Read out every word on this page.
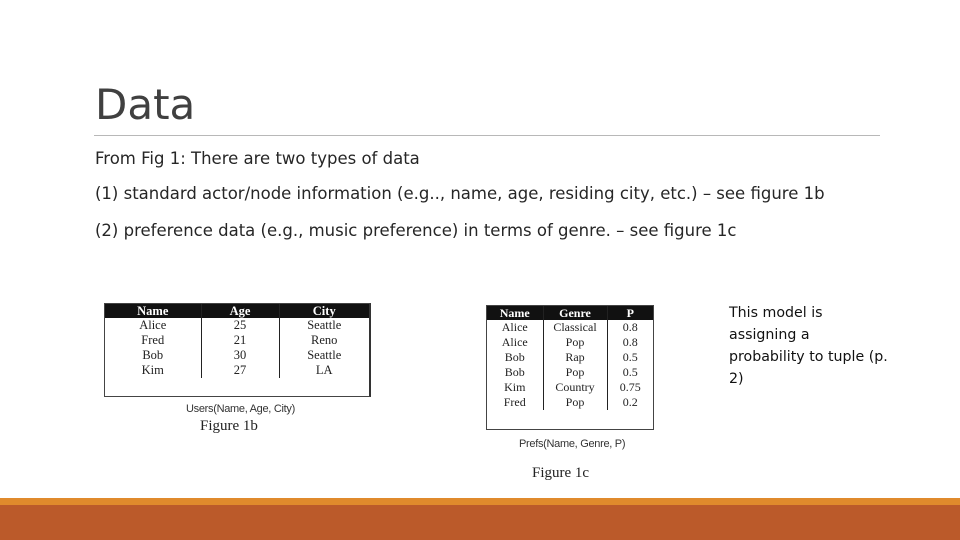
Data
From Fig 1: There are two types of data
(1) standard actor/node information (e.g.., name, age, residing city, etc.) – see figure 1b
(2) preference data (e.g., music preference) in terms of genre. – see figure 1c
Name	Age	City
Alice	25	Seattle
Fred	21	Reno
Bob	30	Seattle
Kim	27	LA
Users(Name, Age, City)
Figure 1b
Name	Genre	P
Alice	Classical	0.8
Alice	Pop	0.8
Bob	Rap	0.5
Bob	Pop	0.5
Kim	Country	0.75
Fred	Pop	0.2
Prefs(Name, Genre, P)
Figure 1c
This model is assigning a probability to tuple (p. 2)
